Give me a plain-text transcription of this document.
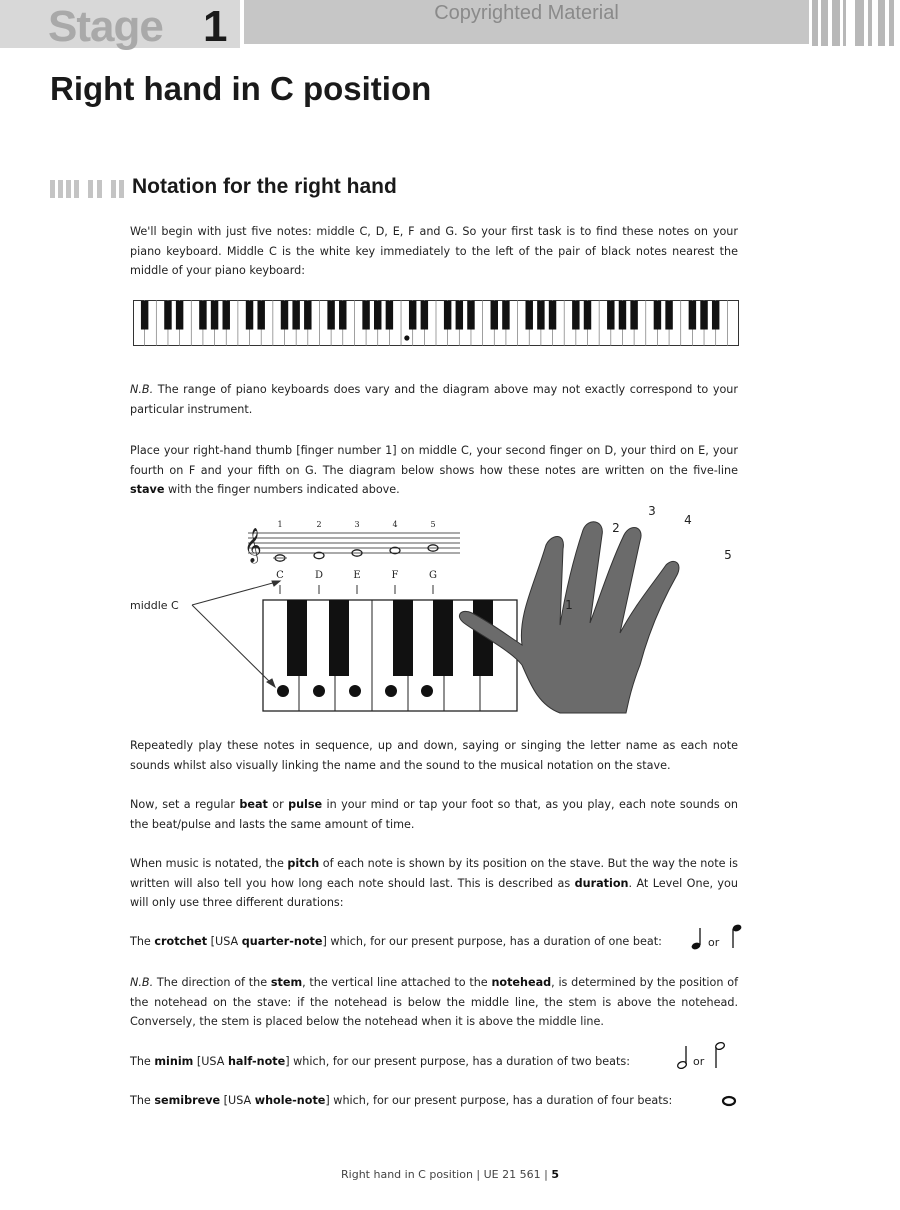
Stage 1	Copyrighted Material
Right hand in C position
Notation for the right hand
We'll begin with just five notes: middle C, D, E, F and G. So your first task is to find these notes on your piano keyboard. Middle C is the white key immediately to the left of the pair of black notes nearest the middle of your piano keyboard:
N.B. The range of piano keyboards does vary and the diagram above may not exactly correspond to your particular instrument.
Place your right-hand thumb [finger number 1] on middle C, your second finger on D, your third on E, your fourth on F and your fifth on G. The diagram below shows how these notes are written on the five-line stave with the finger numbers indicated above.
𝄞
1	2	3	4	5
C	D	E	F	G
1
2
3
4
5
middle C
Repeatedly play these notes in sequence, up and down, saying or singing the letter name as each note sounds whilst also visually linking the name and the sound to the musical notation on the stave.
Now, set a regular beat or pulse in your mind or tap your foot so that, as you play, each note sounds on the beat/pulse and lasts the same amount of time.
When music is notated, the pitch of each note is shown by its position on the stave. But the way the note is written will also tell you how long each note should last. This is described as duration. At Level One, you will only use three different durations:
The crotchet [USA quarter-note] which, for our present purpose, has a duration of one beat:	or
N.B. The direction of the stem, the vertical line attached to the notehead, is determined by the position of the notehead on the stave: if the notehead is below the middle line, the stem is above the notehead. Conversely, the stem is placed below the notehead when it is above the middle line.
The minim [USA half-note] which, for our present purpose, has a duration of two beats:	or
The semibreve [USA whole-note] which, for our present purpose, has a duration of four beats:
Right hand in C position | UE 21 561 | 5
